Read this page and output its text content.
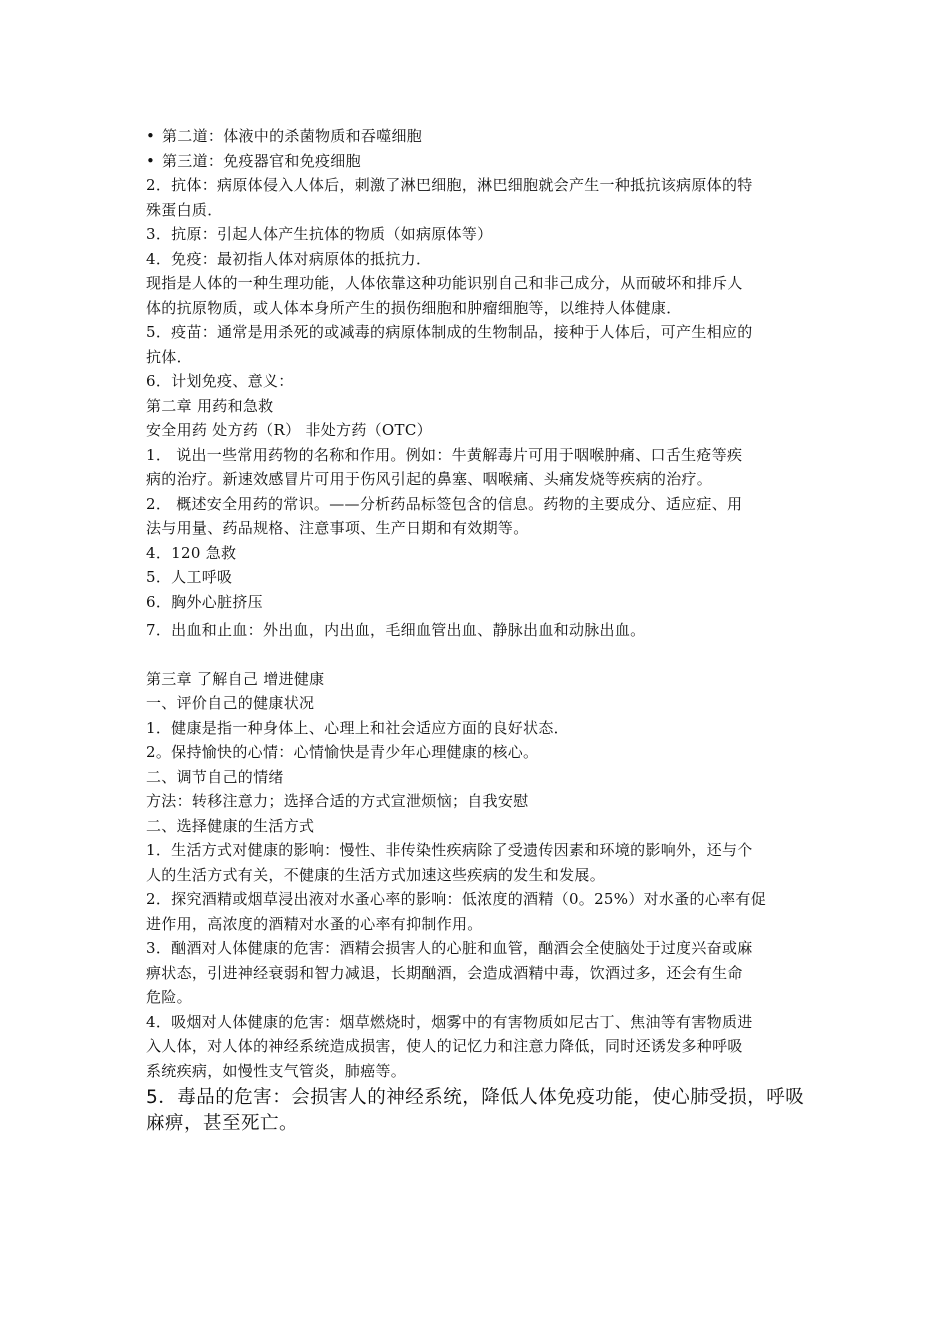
• 第二道：体液中的杀菌物质和吞噬细胞
• 第三道：免疫器官和免疫细胞
2．抗体：病原体侵入人体后，刺激了淋巴细胞，淋巴细胞就会产生一种抵抗该病原体的特
殊蛋白质．
3．抗原：引起人体产生抗体的物质（如病原体等）
4．免疫：最初指人体对病原体的抵抗力．
现指是人体的一种生理功能，人体依靠这种功能识别自己和非己成分，从而破坏和排斥人
体的抗原物质，或人体本身所产生的损伤细胞和肿瘤细胞等，以维持人体健康．
5．疫苗：通常是用杀死的或减毒的病原体制成的生物制品，接种于人体后，可产生相应的
抗体．
6．计划免疫、意义：
第二章 用药和急救
安全用药 处方药（R） 非处方药（OTC）
1． 说出一些常用药物的名称和作用。例如：牛黄解毒片可用于咽喉肿痛、口舌生疮等疾
病的治疗。新速效感冒片可用于伤风引起的鼻塞、咽喉痛、头痛发烧等疾病的治疗。
2． 概述安全用药的常识。——分析药品标签包含的信息。药物的主要成分、适应症、用
法与用量、药品规格、注意事项、生产日期和有效期等。
4．120 急救
5．人工呼吸
6．胸外心脏挤压
7．出血和止血：外出血，内出血，毛细血管出血、静脉出血和动脉出血。
第三章 了解自己 增进健康
一、评价自己的健康状况
1．健康是指一种身体上、心理上和社会适应方面的良好状态．
2。保持愉快的心情：心情愉快是青少年心理健康的核心。
二、调节自己的情绪
方法：转移注意力；选择合适的方式宣泄烦恼；自我安慰
二、选择健康的生活方式
1．生活方式对健康的影响：慢性、非传染性疾病除了受遗传因素和环境的影响外，还与个
人的生活方式有关，不健康的生活方式加速这些疾病的发生和发展。
2．探究酒精或烟草浸出液对水蚤心率的影响：低浓度的酒精（0。25%）对水蚤的心率有促
进作用，高浓度的酒精对水蚤的心率有抑制作用。
3．酗酒对人体健康的危害：酒精会损害人的心脏和血管，酗酒会全使脑处于过度兴奋或麻
痹状态，引进神经衰弱和智力减退，长期酗酒，会造成酒精中毒，饮酒过多，还会有生命
危险。
4．吸烟对人体健康的危害：烟草燃烧时，烟雾中的有害物质如尼古丁、焦油等有害物质进
入人体，对人体的神经系统造成损害，使人的记忆力和注意力降低，同时还诱发多种呼吸
系统疾病，如慢性支气管炎，肺癌等。
5．毒品的危害：会损害人的神经系统，降低人体免疫功能，使心肺受损，呼吸麻痹，甚至死亡。
